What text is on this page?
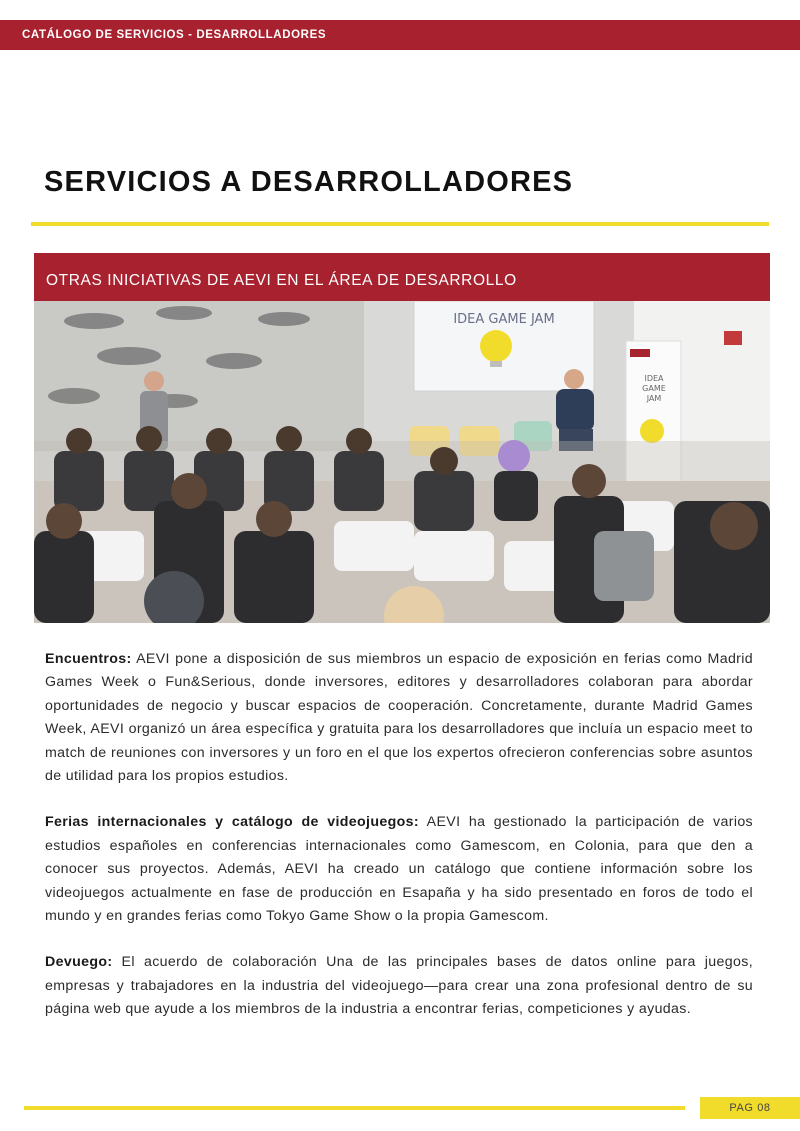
CATÁLOGO DE SERVICIOS - DESARROLLADORES
SERVICIOS A DESARROLLADORES
OTRAS INICIATIVAS DE AEVI EN EL ÁREA DE DESARROLLO
IDEA GAME JAM
IDEA
GAME
JAM

Encuentros: AEVI pone a disposición de sus miembros un espacio de exposición en ferias como Madrid Games Week o Fun&Serious, donde inversores, editores y desarrolladores colaboran para abordar oportunidades de negocio y buscar espacios de cooperación. Concretamente, durante Madrid Games Week, AEVI organizó un área específica y gratuita para los desarrolladores que incluía un espacio meet to match de reuniones con inversores y un foro en el que los expertos ofrecieron conferencias sobre asuntos de utilidad para los propios estudios.

Ferias internacionales y catálogo de videojuegos: AEVI ha gestionado la participación de varios estudios españoles en conferencias internacionales como Gamescom, en Colonia, para que den a conocer sus proyectos. Además, AEVI ha creado un catálogo que contiene información sobre los videojuegos actualmente en fase de producción en Esapaña y ha sido presentado en foros de todo el mundo y en grandes ferias como Tokyo Game Show o la propia Gamescom.

Devuego: El acuerdo de colaboración Una de las principales bases de datos online para juegos, empresas y trabajadores en la industria del videojuego—para crear una zona profesional dentro de su página web que ayude a los miembros de la industria a encontrar ferias, competiciones y ayudas.

PAG 08
